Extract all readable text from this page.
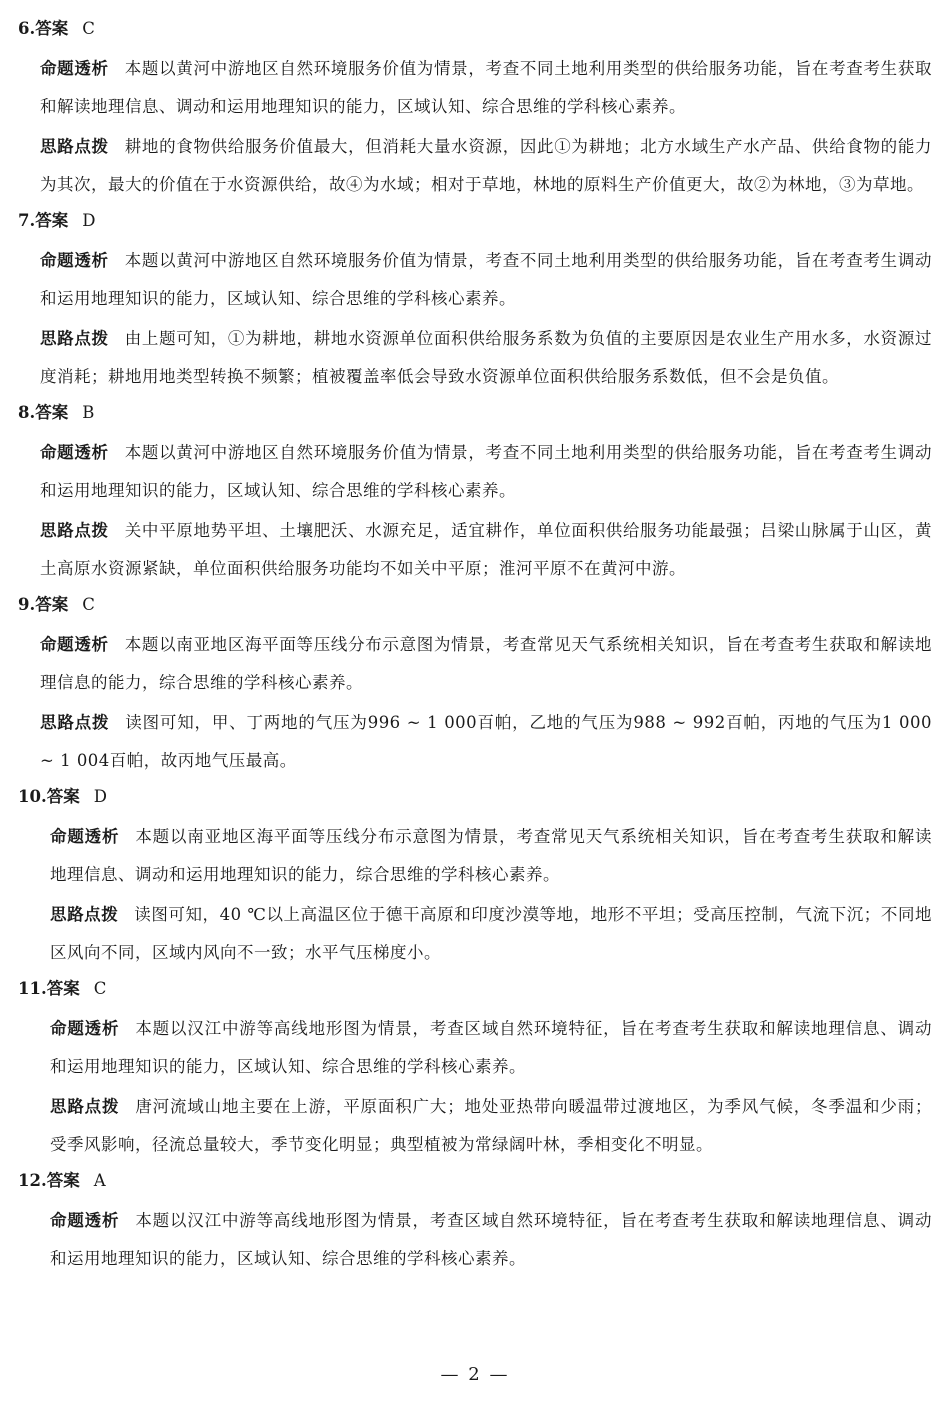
6.答案 C

命题透析 本题以黄河中游地区自然环境服务价值为情景，考查不同土地利用类型的供给服务功能，旨在考查考生获取和解读地理信息、调动和运用地理知识的能力，区域认知、综合思维的学科核心素养。

思路点拨 耕地的食物供给服务价值最大，但消耗大量水资源，因此①为耕地；北方水域生产水产品、供给食物的能力为其次，最大的价值在于水资源供给，故④为水域；相对于草地，林地的原料生产价值更大，故②为林地，③为草地。

7.答案 D

命题透析 本题以黄河中游地区自然环境服务价值为情景，考查不同土地利用类型的供给服务功能，旨在考查考生调动和运用地理知识的能力，区域认知、综合思维的学科核心素养。

思路点拨 由上题可知，①为耕地，耕地水资源单位面积供给服务系数为负值的主要原因是农业生产用水多，水资源过度消耗；耕地用地类型转换不频繁；植被覆盖率低会导致水资源单位面积供给服务系数低，但不会是负值。

8.答案 B

命题透析 本题以黄河中游地区自然环境服务价值为情景，考查不同土地利用类型的供给服务功能，旨在考查考生调动和运用地理知识的能力，区域认知、综合思维的学科核心素养。

思路点拨 关中平原地势平坦、土壤肥沃、水源充足，适宜耕作，单位面积供给服务功能最强；吕梁山脉属于山区，黄土高原水资源紧缺，单位面积供给服务功能均不如关中平原；淮河平原不在黄河中游。

9.答案 C

命题透析 本题以南亚地区海平面等压线分布示意图为情景，考查常见天气系统相关知识，旨在考查考生获取和解读地理信息的能力，综合思维的学科核心素养。

思路点拨 读图可知，甲、丁两地的气压为996 ~ 1 000百帕，乙地的气压为988 ~ 992百帕，丙地的气压为1 000 ~ 1 004百帕，故丙地气压最高。

10.答案 D

命题透析 本题以南亚地区海平面等压线分布示意图为情景，考查常见天气系统相关知识，旨在考查考生获取和解读地理信息、调动和运用地理知识的能力，综合思维的学科核心素养。

思路点拨 读图可知，40 ℃以上高温区位于德干高原和印度沙漠等地，地形不平坦；受高压控制，气流下沉；不同地区风向不同，区域内风向不一致；水平气压梯度小。

11.答案 C

命题透析 本题以汉江中游等高线地形图为情景，考查区域自然环境特征，旨在考查考生获取和解读地理信息、调动和运用地理知识的能力，区域认知、综合思维的学科核心素养。

思路点拨 唐河流域山地主要在上游，平原面积广大；地处亚热带向暖温带过渡地区，为季风气候，冬季温和少雨；受季风影响，径流总量较大，季节变化明显；典型植被为常绿阔叶林，季相变化不明显。

12.答案 A

命题透析 本题以汉江中游等高线地形图为情景，考查区域自然环境特征，旨在考查考生获取和解读地理信息、调动和运用地理知识的能力，区域认知、综合思维的学科核心素养。

— 2 —
